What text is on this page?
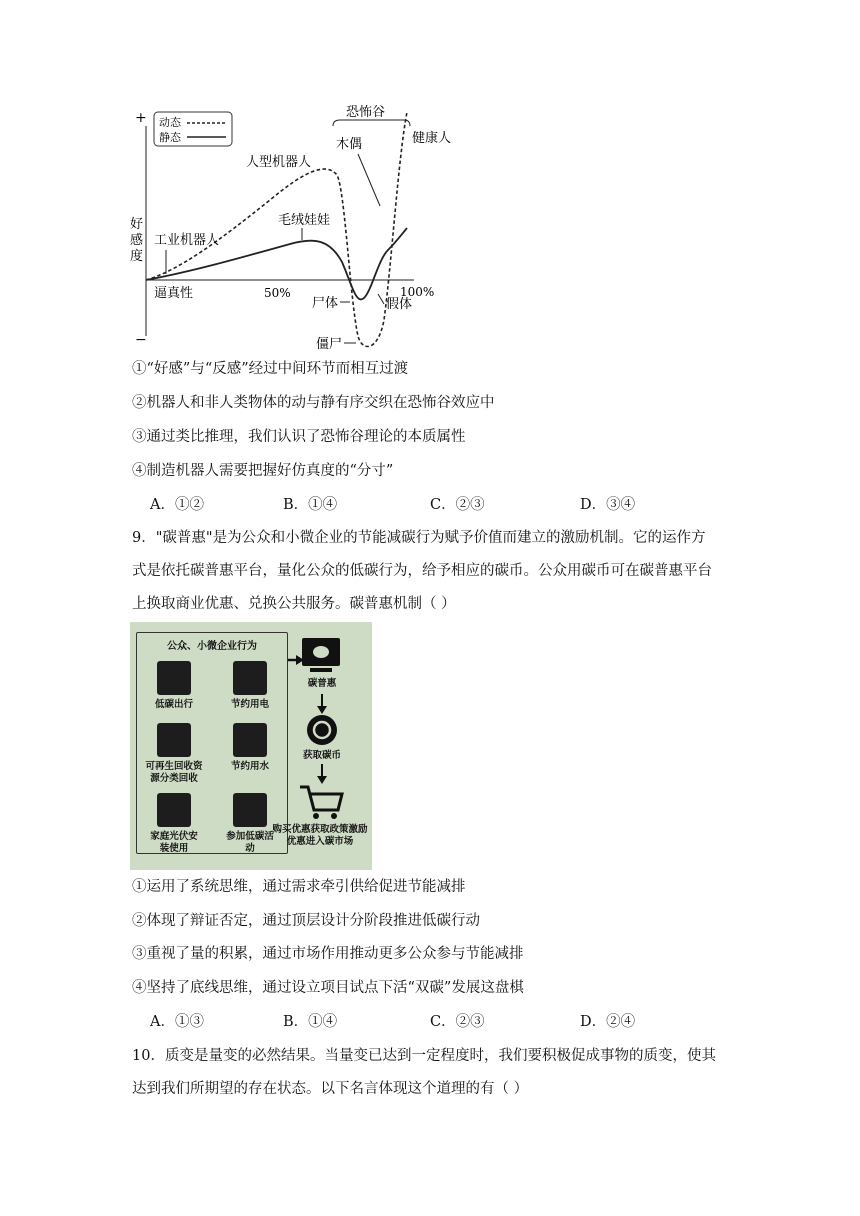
+
−
逼真性	50%	100%
好感度
动态
静态
恐怖谷
健康人
木偶
人型机器人
毛绒娃娃
工业机器人
尸体	假体
僵尸
①“好感”与“反感”经过中间环节而相互过渡
②机器人和非人类物体的动与静有序交织在恐怖谷效应中
③通过类比推理，我们认识了恐怖谷理论的本质属性
④制造机器人需要把握好仿真度的“分寸”
A．①②	B．①④	C．②③	D．③④
9．"碳普惠"是为公众和小微企业的节能减碳行为赋予价值而建立的激励机制。它的运作方
式是依托碳普惠平台，量化公众的低碳行为，给予相应的碳币。公众用碳币可在碳普惠平台
上换取商业优惠、兑换公共服务。碳普惠机制（ ）
公众、小微企业行为
低碳出行	节约用电
可再生回收资源分类回收
节约用水
家庭光伏安装使用
参加低碳活动
碳普惠
获取碳币
购买优惠获取政策激励优惠进入碳市场
①运用了系统思维，通过需求牵引供给促进节能减排
②体现了辩证否定，通过顶层设计分阶段推进低碳行动
③重视了量的积累，通过市场作用推动更多公众参与节能减排
④坚持了底线思维，通过设立项目试点下活“双碳”发展这盘棋
A．①③	B．①④	C．②③	D．②④
10．质变是量变的必然结果。当量变已达到一定程度时，我们要积极促成事物的质变，使其
达到我们所期望的存在状态。以下名言体现这个道理的有（ ）
